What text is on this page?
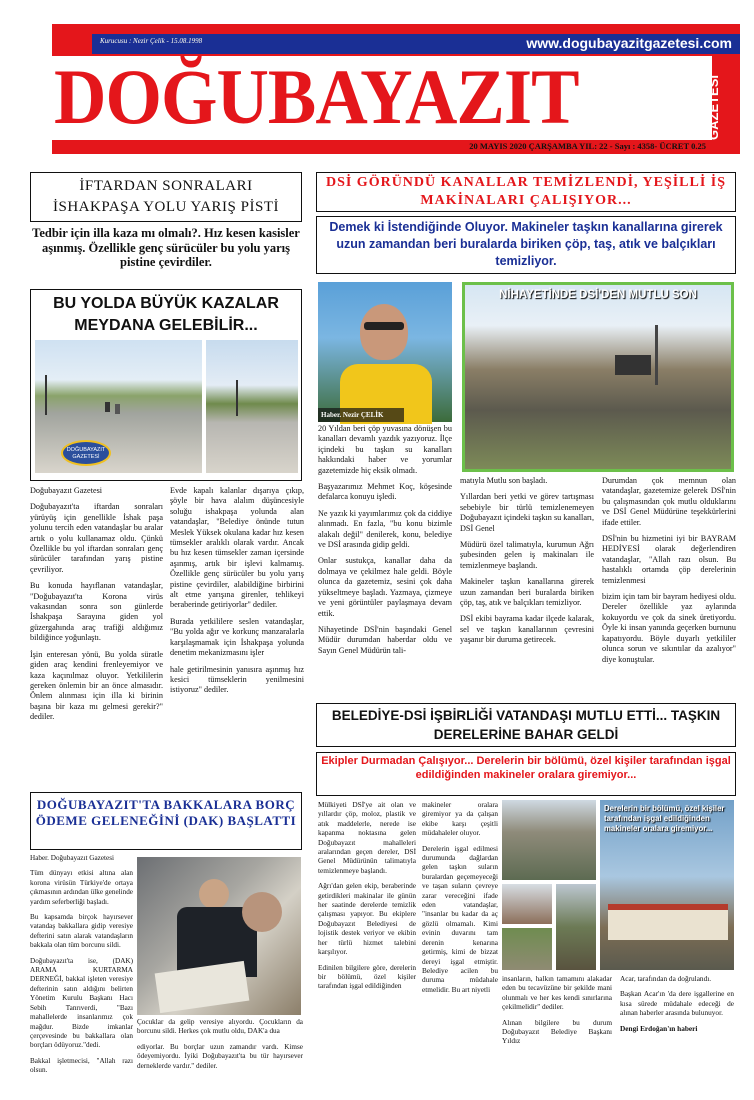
Kurucusu : Nezir Çelik - 15.08.1998	www.dogubayazitgazetesi.com
DOĞUBAYAZIT	GAZETESİ
20 MAYIS 2020 ÇARŞAMBA YIL: 22 - Sayı : 4358- ÜCRET 0.25
İFTARDAN SONRALARI İSHAKPAŞA YOLU YARIŞ PİSTİ
Tedbir için illa kaza mı olmalı?. Hız kesen kasisler aşınmış. Özellikle genç sürücüler bu yolu yarış pistine çevirdiler.
BU YOLDA BÜYÜK KAZALAR MEYDANA GELEBİLİR...
DOĞUBAYAZIT GAZETESİ

Doğubayazıt Gazetesi

Doğubayazıt'ta iftardan sonraları yürüyüş için genellikle İshak paşa yolunu tercih eden vatandaşlar bu aralar artık o yolu kullanamaz oldu. Çünkü Özellikle bu yol iftardan sonraları genç sürücüler tarafından yarış pistine çevriliyor.

Bu konuda hayıflanan vatandaşlar, "Doğubayazıt'ta Korona virüs vakasından sonra son günlerde İshakpaşa Sarayına giden yol güzergahında araç trafiği aldığımız bildiğince yoğunlaştı.

İşin enteresan yönü, Bu yolda süratle giden araç kendini frenleyemiyor ve kaza kaçınılmaz oluyor. Yetkililerin gereken önlemin bir an önce almasıdır. Önlem alınması için illa ki birinin başına bir kaza mı gelmesi gerekir?" dediler.

Evde kapalı kalanlar dışarıya çıkıp, şöyle bir hava alalım düşüncesiyle soluğu ishakpaşa yolunda alan vatandaşlar, "Belediye önünde tutun Meslek Yüksek okulana kadar hız kesen tümsekler aralıklı olarak vardır. Ancak bu hız kesen tümsekler zaman içersinde aşınmış, artık bir işlevi kalmamış. Özellikle genç sürücüler bu yolu yarış pistine çevirdiler, alabildiğine birbirini alt etme yarışına girenler, tehlikeyi beraberinde getiriyorlar" dediler.

Burada yetkililere seslen vatandaşlar, "Bu yolda ağır ve korkunç manzaralarla karşılaşmamak için İshakpaşa yolunda denetim mekanizmasını işler

hale getirilmesinin yanısıra aşınmış hız kesici tümseklerin yenilmesini istiyoruz" dediler.

DOĞUBAYAZIT'TA BAKKALARA BORÇ ÖDEME GELENEĞİNİ (DAK) BAŞLATTI

Haber. Doğubayazıt Gazetesi

Tüm dünyayı etkisi altına alan korona virüsün Türkiye'de ortaya çıkmasının ardından ülke genelinde yardım seferberliği başladı.

Bu kapsamda birçok hayırsever vatandaş bakkallara gidip veresiye defterini satın alarak vatandaşların bakkala olan tüm borcunu sildi.

Doğubayazıt'ta ise, (DAK) ARAMA KURTARMA DERNEĞİ, bakkal işleten veresiye defterinin satın aldığını belirten Yönetim Kurulu Başkanı Hacı Sebih Tanrıverdi, "Bazı mahallelerde insanlarımız çok mağdur. Bizde imkanlar çerçevesinde bu bakkallara olan borçları ödüyoruz."dedi.

Bakkal işletmecisi, "Allah razı olsun.

Çocuklar da gelip veresiye alıyordu. Çocukların da borcunu sildi. Herkes çok mutlu oldu, DAK'a dua

ediyorlar. Bu borçlar uzun zamandır vardı. Kimse ödeyemiyordu. İyiki Doğubayazıt'ta bu tür hayırsever derneklerde vardır." dediler.

DSİ GÖRÜNDÜ KANALLAR TEMİZLENDİ, YEŞİLLİ İŞ MAKİNALARI ÇALIŞIYOR...
Demek ki İstendiğinde Oluyor. Makineler taşkın kanallarına girerek uzun zamandan beri buralarda biriken çöp, taş, atık ve balçıkları temizliyor.
Haber. Nezir ÇELİK
NİHAYETİNDE DSİ'DEN MUTLU SON

20 Yıldan beri çöp yuvasına dönüşen bu kanalları devamlı yazdık yazıyoruz. İlçe içindeki bu taşkın su kanalları hakkındaki haber ve yorumlar gazetemizde hiç eksik olmadı.

Başyazarımız Mehmet Koç, köşesinde defalarca konuyu işledi.

Ne yazık ki yayımlarımız çok da ciddiye alınmadı. En fazla, "bu konu bizimle alakalı değil" denilerek, konu, belediye ve DSİ arasında gidip geldi.

Onlar sustukça, kanallar daha da dolmaya ve çekilmez hale geldi. Böyle olunca da gazetemiz, sesini çok daha yükseltmeye başladı. Yazmaya, çizmeye ve yeni görüntüler paylaşmaya devam ettik.

Nihayetinde DSİ'nin başındaki Genel Müdür durumdan haberdar oldu ve Sayın Genel Müdürün tali-

matıyla Mutlu son başladı.

Yıllardan beri yetki ve görev tartışması sebebiyle bir türlü temizlenemeyen Doğubayazıt içindeki taşkın su kanalları, DSİ Genel

Müdürü özel talimatıyla, kurumun Ağrı şubesinden gelen iş makinaları ile temizlenmeye başlandı.

Makineler taşkın kanallarına girerek uzun zamandan beri buralarda biriken çöp, taş, atık ve balçıkları temizliyor.

DSİ ekibi bayrama kadar ilçede kalarak, sel ve taşkın kanallarının çevresini yaşanır bir duruma getirecek.

Durumdan çok memnun olan vatandaşlar, gazetemize gelerek DSİ'nin bu çalışmasından çok mutlu olduklarını ve DSİ Genel Müdürüne teşekkürlerini ifade ettiler.

DSİ'nin bu hizmetini iyi bir BAYRAM HEDİYESİ olarak değerlendiren vatandaşlar, "Allah razı olsun. Bu hastalıklı ortamda çöp derelerinin temizlenmesi

bizim için tam bir bayram hediyesi oldu. Dereler özellikle yaz aylarında kokuyordu ve çok da sinek üretiyordu. Öyle ki insan yanında geçerken burnunu kapatıyordu. Böyle duyarlı yetkililer olunca sorun ve sıkıntılar da azalıyor" diye konuştular.

BELEDİYE-DSİ İŞBİRLİĞİ VATANDAŞI MUTLU ETTİ... TAŞKIN DERELERİNE BAHAR GELDİ
Ekipler Durmadan Çalışıyor... Derelerin bir bölümü, özel kişiler tarafından işgal edildiğinden makineler oralara giremiyor...

Mülkiyeti DSİ'ye ait olan ve yıllardır çöp, moloz, plastik ve atık maddelerle, nerede ise kapanma noktasına gelen Doğubayazıt mahalleleri aralarından geçen dereler, DSİ Genel Müdürünün talimatıyla temizlenmeye başlandı.

Ağrı'dan gelen ekip, beraberinde getirdikleri makinalar ile günün her saatinde derelerde temizlik çalışması yapıyor. Bu ekiplere Doğubayazıt Belediyesi de lojistik destek veriyor ve ekibin her türlü hizmet talebini karşılıyor.

Edinilen bilgilere göre, derelerin bir bölümü, özel kişiler tarafından işgal edildiğinden

makineler oralara giremiyor ya da çalışan ekibe karşı çeşitli müdahaleler oluyor.

Derelerin işgal edilmesi durumunda dağlardan gelen taşkın suların buralardan geçemeyeceği ve taşan suların çevreye zarar vereceğini ifade eden vatandaşlar, "insanlar bu kadar da aç gözlü olmamalı. Kimi evinin duvarını tam derenin kenarına getirmiş, kimi de bizzat dereyi işgal etmiştir. Belediye acilen bu duruma müdahale etmelidir. Bu art niyetli

Derelerin bir bölümü, özel kişiler tarafından işgal edildiğinden makineler oralara giremiyor...

insanların, halkın tamamını alakadar eden bu tecavüzüne bir şekilde mani olunmalı ve her kes kendi sınırlarına çekilmelidir" dediler.

Alınan bilgilere bu durum Doğubayazıt Belediye Başkanı Yıldız

Acar, tarafından da doğrulandı.

Başkan Acar'ın 'da dere işgallerine en kısa sürede müdahale edeceği de alınan haberler arasında bulunuyor.

Dengi Erdoğan'ın haberi
